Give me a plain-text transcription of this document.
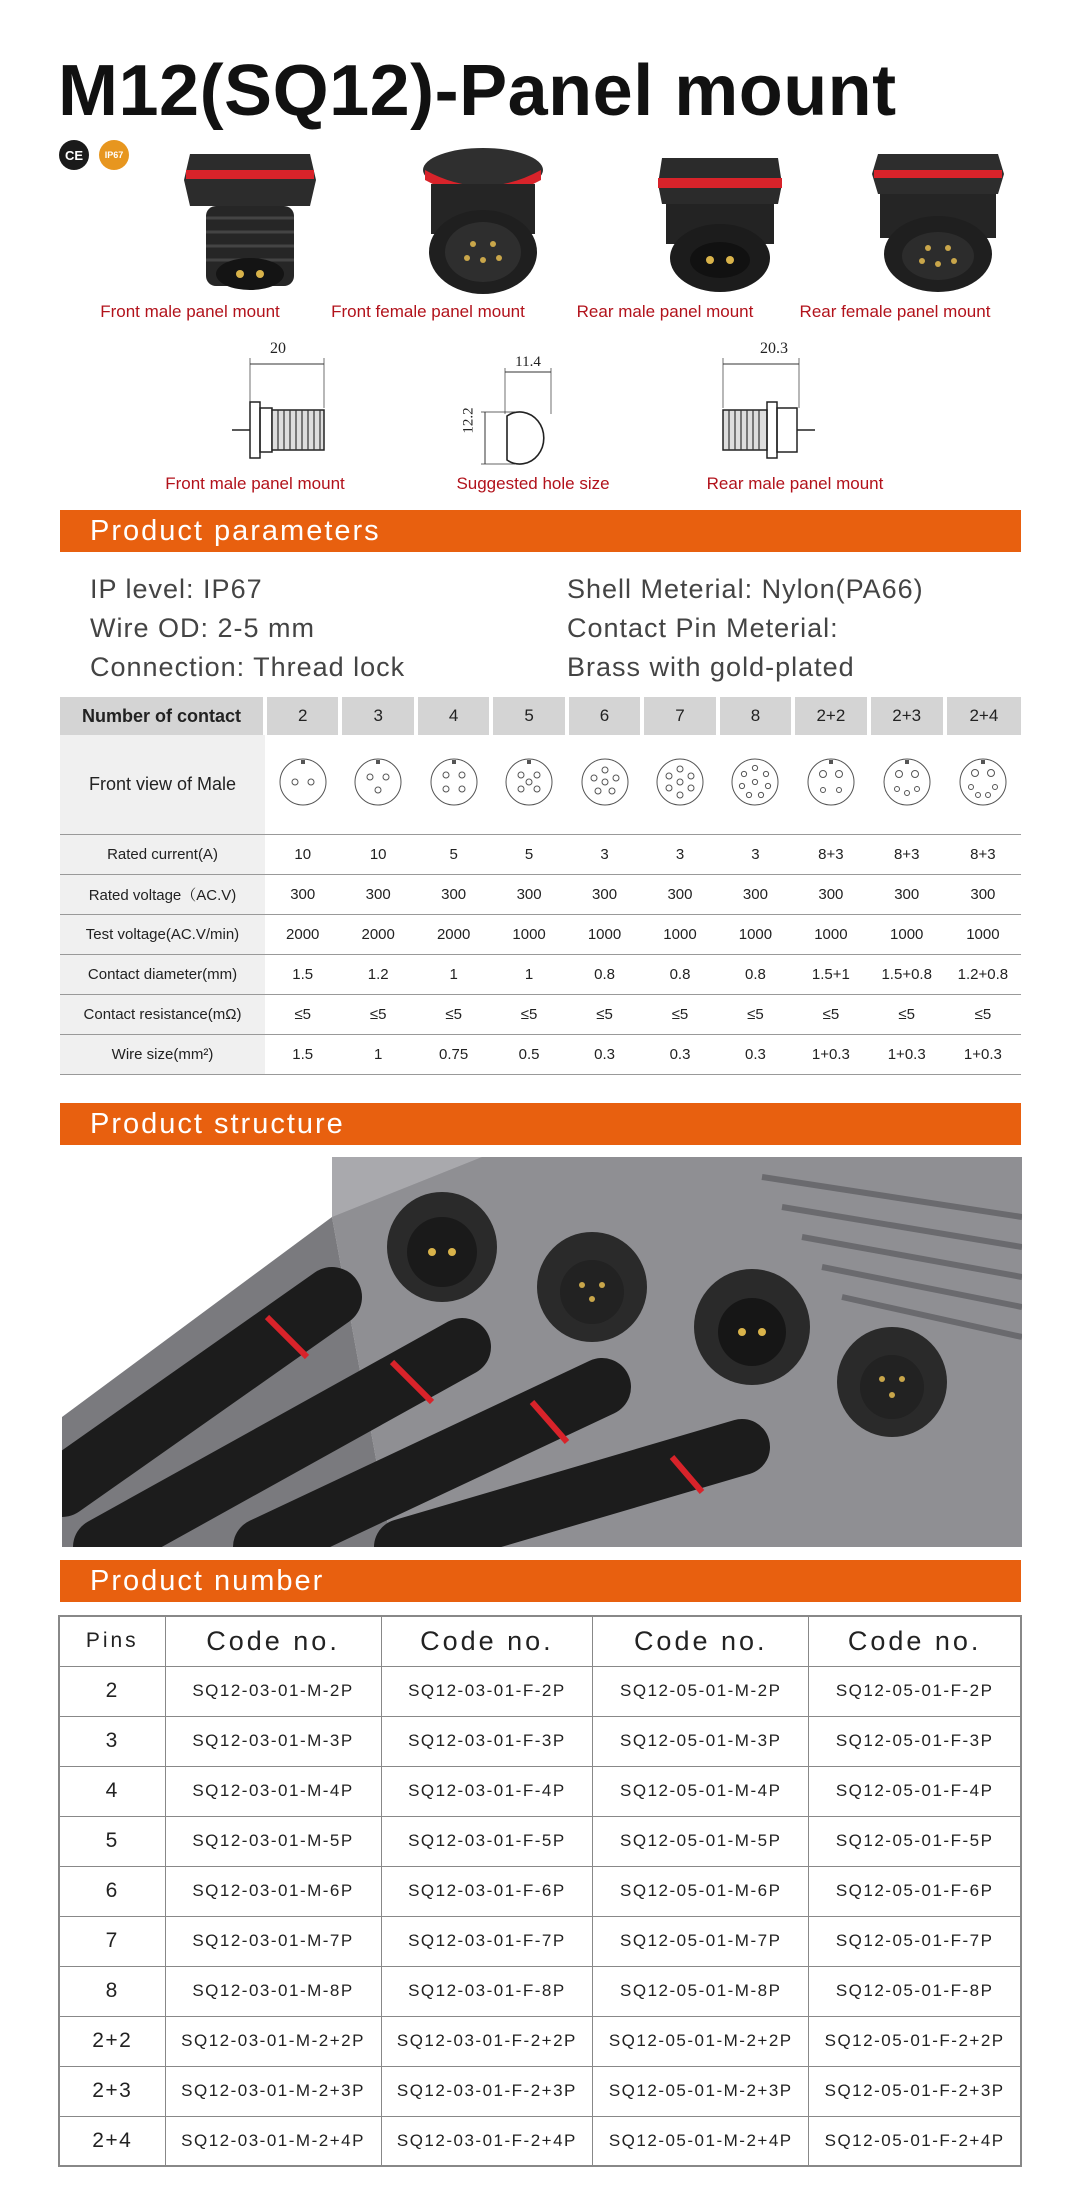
M12(SQ12)-Panel mount
CE	IP67
Front male panel mount	Front female panel mount	Rear male panel mount	Rear female panel mount
20
11.4
12.2
20.3
Front male panel mount	Suggested hole size	Rear male panel mount
Product parameters
IP level: IP67
Wire OD: 2-5 mm
Connection: Thread lock
Shell Meterial: Nylon(PA66)
Contact Pin Meterial:
Brass with gold-plated
Number of contact	2	3	4	5	6	7	8	2+2	2+3	2+4
Front view of Male										
Rated current(A)	10	10	5	5	3	3	3	8+3	8+3	8+3
Rated voltage（AC.V)	300	300	300	300	300	300	300	300	300	300
Test voltage(AC.V/min)	2000	2000	2000	1000	1000	1000	1000	1000	1000	1000
Contact diameter(mm)	1.5	1.2	1	1	0.8	0.8	0.8	1.5+1	1.5+0.8	1.2+0.8
Contact resistance(mΩ)	≤5	≤5	≤5	≤5	≤5	≤5	≤5	≤5	≤5	≤5
Wire size(mm²)	1.5	1	0.75	0.5	0.3	0.3	0.3	1+0.3	1+0.3	1+0.3
Product structure
Product number
Pins	Code no.	Code no.	Code no.	Code no.
2	SQ12-03-01-M-2P	SQ12-03-01-F-2P	SQ12-05-01-M-2P	SQ12-05-01-F-2P
3	SQ12-03-01-M-3P	SQ12-03-01-F-3P	SQ12-05-01-M-3P	SQ12-05-01-F-3P
4	SQ12-03-01-M-4P	SQ12-03-01-F-4P	SQ12-05-01-M-4P	SQ12-05-01-F-4P
5	SQ12-03-01-M-5P	SQ12-03-01-F-5P	SQ12-05-01-M-5P	SQ12-05-01-F-5P
6	SQ12-03-01-M-6P	SQ12-03-01-F-6P	SQ12-05-01-M-6P	SQ12-05-01-F-6P
7	SQ12-03-01-M-7P	SQ12-03-01-F-7P	SQ12-05-01-M-7P	SQ12-05-01-F-7P
8	SQ12-03-01-M-8P	SQ12-03-01-F-8P	SQ12-05-01-M-8P	SQ12-05-01-F-8P
2+2	SQ12-03-01-M-2+2P	SQ12-03-01-F-2+2P	SQ12-05-01-M-2+2P	SQ12-05-01-F-2+2P
2+3	SQ12-03-01-M-2+3P	SQ12-03-01-F-2+3P	SQ12-05-01-M-2+3P	SQ12-05-01-F-2+3P
2+4	SQ12-03-01-M-2+4P	SQ12-03-01-F-2+4P	SQ12-05-01-M-2+4P	SQ12-05-01-F-2+4P
